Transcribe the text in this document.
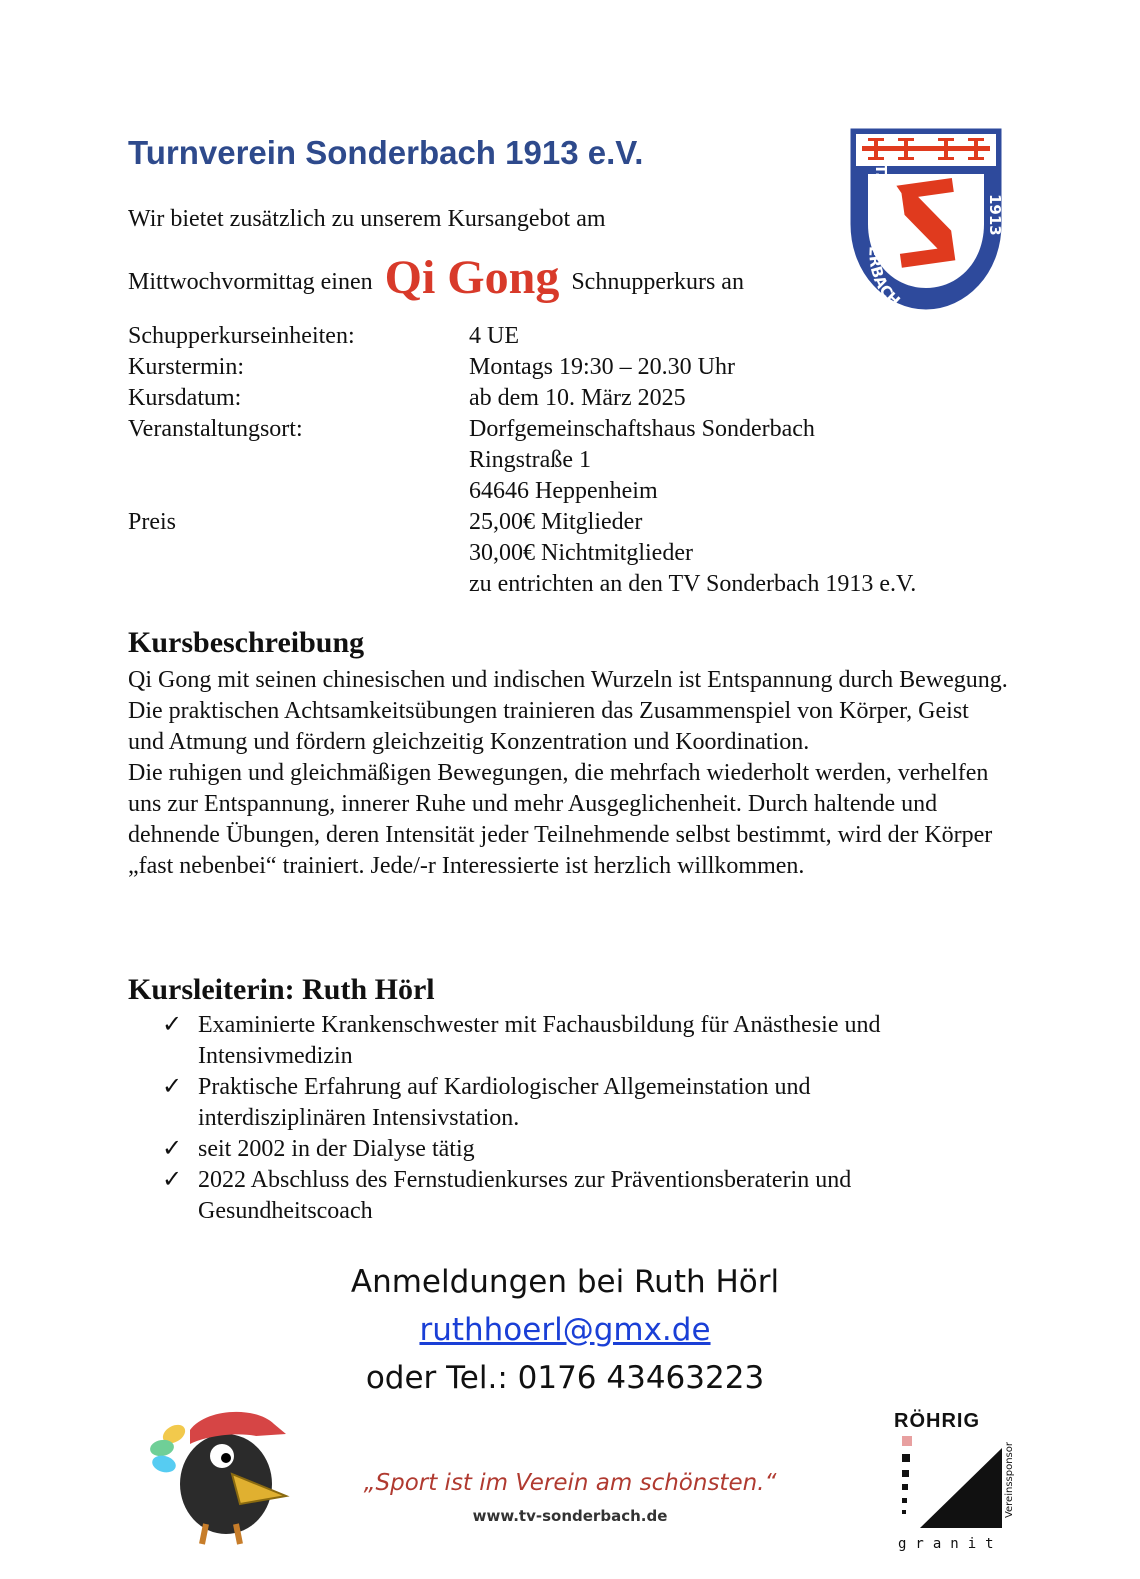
Turnverein Sonderbach 1913 e.V.
Wir bietet zusätzlich zu unserem Kursangebot am
Mittwochvormittag einen Qi Gong Schnupperkurs an
T.V. SONDERBACH
1913
Schupperkurseinheiten:	4 UE
Kurstermin:	Montags 19:30 – 20.30 Uhr
Kursdatum:	ab dem 10. März 2025
Veranstaltungsort:	Dorfgemeinschaftshaus Sonderbach
Ringstraße 1
64646 Heppenheim
Preis	25,00€ Mitglieder
30,00€ Nichtmitglieder
zu entrichten an den TV Sonderbach 1913 e.V.
Kursbeschreibung

Qi Gong mit seinen chinesischen und indischen Wurzeln ist Entspannung durch Bewegung. Die praktischen Achtsamkeitsübungen trainieren das Zusammenspiel von Körper, Geist und Atmung und fördern gleichzeitig Konzentration und Koordination.

Die ruhigen und gleichmäßigen Bewegungen, die mehrfach wiederholt werden, verhelfen uns zur Entspannung, innerer Ruhe und mehr Ausgeglichenheit. Durch haltende und dehnende Übungen, deren Intensität jeder Teilnehmende selbst bestimmt, wird der Körper „fast nebenbei“ trainiert. Jede/-r Interessierte ist herzlich willkommen.

Kursleiterin: Ruth Hörl
✓ Examinierte Krankenschwester mit Fachausbildung für Anästhesie und Intensivmedizin
✓ Praktische Erfahrung auf Kardiologischer Allgemeinstation und interdisziplinären Intensivstation.
✓ seit 2002 in der Dialyse tätig
✓ 2022 Abschluss des Fernstudienkurses zur Präventionsberaterin und Gesundheitscoach
Anmeldungen bei Ruth Hörl
ruthhoerl@gmx.de
oder Tel.: 0176 43463223
„Sport ist im Verein am schönsten.“
www.tv-sonderbach.de
RÖHRIG
granit
Vereinssponsor
